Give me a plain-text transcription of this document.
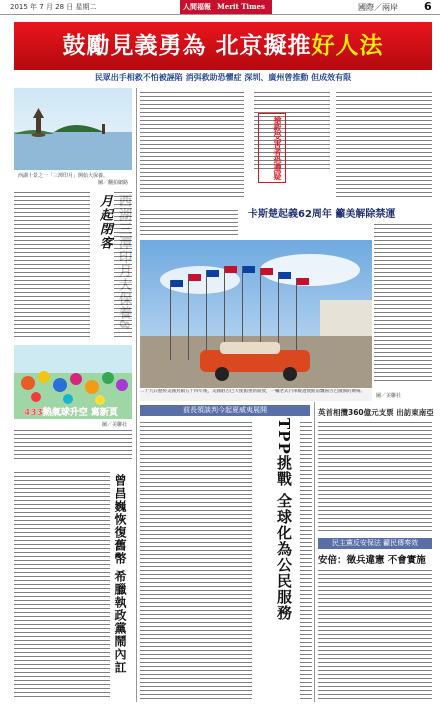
2015 年 7 月 28 日 星期二	人間福報 Merit Times	國際／兩岸 6
鼓勵見義勇為 北京擬推好人法
民眾出手相救不怕被誣陷 消弭救助恐懼症 深圳、廣州曾推動 但成效有限
西湖十景之一「三潭印月」開始大保養。
圖／翻拍網路
月起閉客
433熱氣球升空 寫新頁
圖／美聯社
曾昌巍恢復舊幣 希臘執政黨鬧內訌
搶救受害者恐遭疑
卡斯楚起義62周年 籲美解除禁運
二十九日歷經美國封鎖五十四年後，美國駐古巴大使館重新開放，一輛老式汽車駛過使館前飄揚古巴國旗的廣場。
圖／美聯社
前長領談判今起夏威夷展開
TPP挑戰 全球化為公民服務
英首相攬360億元支票 出訪東南亞
民主黨反安保法 籲民傳奏效
安倍：徵兵違憲 不會實施
